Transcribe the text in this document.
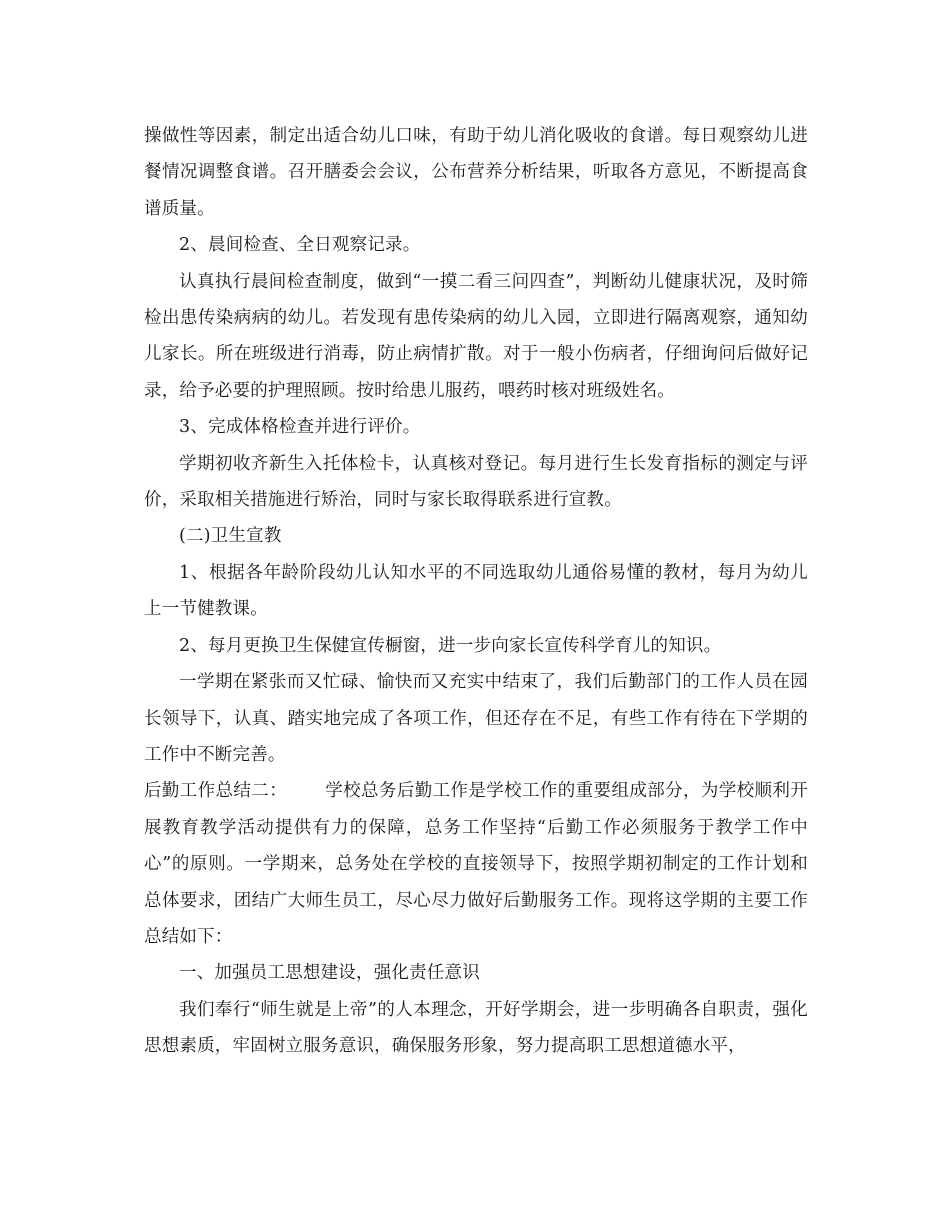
操做性等因素，制定出适合幼儿口味，有助于幼儿消化吸收的食谱。每日观察幼儿进餐情况调整食谱。召开膳委会会议，公布营养分析结果，听取各方意见，不断提高食谱质量。

2、晨间检查、全日观察记录。

认真执行晨间检查制度，做到“一摸二看三问四查”，判断幼儿健康状况，及时筛检出患传染病病的幼儿。若发现有患传染病的幼儿入园，立即进行隔离观察，通知幼儿家长。所在班级进行消毒，防止病情扩散。对于一般小伤病者，仔细询问后做好记录，给予必要的护理照顾。按时给患儿服药，喂药时核对班级姓名。

3、完成体格检查并进行评价。

学期初收齐新生入托体检卡，认真核对登记。每月进行生长发育指标的测定与评价，采取相关措施进行矫治，同时与家长取得联系进行宣教。

(二)卫生宣教

1、根据各年龄阶段幼儿认知水平的不同选取幼儿通俗易懂的教材，每月为幼儿上一节健教课。

2、每月更换卫生保健宣传橱窗，进一步向家长宣传科学育儿的知识。

一学期在紧张而又忙碌、愉快而又充实中结束了，我们后勤部门的工作人员在园长领导下，认真、踏实地完成了各项工作，但还存在不足，有些工作有待在下学期的工作中不断完善。

后勤工作总结二： 学校总务后勤工作是学校工作的重要组成部分，为学校顺利开展教育教学活动提供有力的保障，总务工作坚持“后勤工作必须服务于教学工作中心”的原则。一学期来，总务处在学校的直接领导下，按照学期初制定的工作计划和总体要求，团结广大师生员工，尽心尽力做好后勤服务工作。现将这学期的主要工作总结如下：

一、加强员工思想建设，强化责任意识

我们奉行“师生就是上帝”的人本理念，开好学期会，进一步明确各自职责，强化思想素质，牢固树立服务意识，确保服务形象，努力提高职工思想道德水平，
